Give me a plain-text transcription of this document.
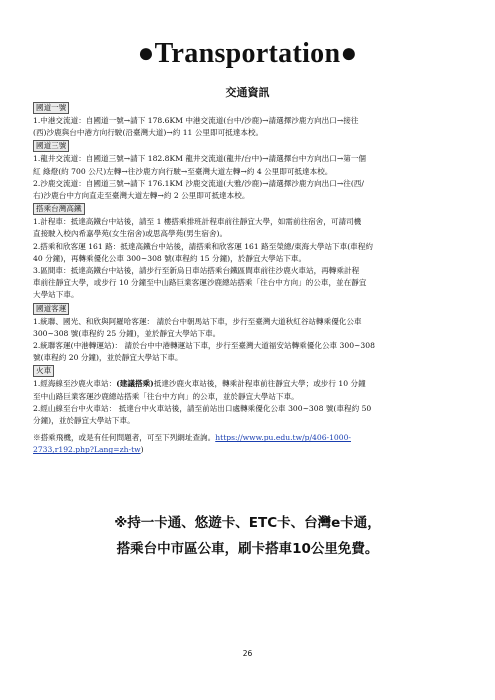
●Transportation●
交通資訊
國道一號
1.中港交流道：自國道一號→請下 178.6KM 中港交流道(台中/沙鹿)→請選擇沙鹿方向出口→接往
(西)沙鹿與台中港方向行駛(沿臺灣大道)→約 11 公里即可抵達本校。
國道三號
1.龍井交流道：自國道三號→請下 182.8KM 龍井交流道(龍井/台中)→請選擇台中方向出口→第一個
紅 綠燈(約 700 公尺)左轉→往沙鹿方向行駛→至臺灣大道左轉→約 4 公里即可抵達本校。
2.沙鹿交流道：自國道三號→請下 176.1KM 沙鹿交流道(大雅/沙鹿)→請選擇沙鹿方向出口→往(西/
右)沙鹿台中方向直走至臺灣大道左轉→約 2 公里即可抵達本校。
搭乘台灣高鐵
1.計程車：抵達高鐵台中站後，請至 1 樓搭乘排班計程車前往靜宜大學，如需前往宿舍，可請司機
直接駛入校內希嘉學苑(女生宿舍)或思高學苑(男生宿舍)。
2.搭乘和欣客運 161 路：抵達高鐵台中站後，請搭乘和欣客運 161 路至榮總/東海大學站下車(車程約
40 分鐘)，再轉乘優化公車 300~308 號(車程約 15 分鐘)，於靜宜大學站下車。
3.區間車：抵達高鐵台中站後，請步行至新烏日車站搭乘台鐵區間車前往沙鹿火車站，再轉乘計程
車前往靜宜大學，或步行 10 分鐘至中山路巨業客運沙鹿總站搭乘「往台中方向」的公車，並在靜宜
大學站下車。
國道客運
1.統聯、國光、和欣與阿羅哈客運： 請於台中朝馬站下車，步行至臺灣大道秋紅谷站轉乘優化公車
300~308 號(車程約 25 分鐘)，並於靜宜大學站下車。
2.統聯客運(中港轉運站)： 請於台中中港轉運站下車，步行至臺灣大道福安站轉乘優化公車 300~308
號(車程約 20 分鐘)，並於靜宜大學站下車。
火車
1.經海線至沙鹿火車站：(建議搭乘)抵達沙鹿火車站後，轉乘計程車前往靜宜大學；或步行 10 分鐘
至中山路巨業客運沙鹿總站搭乘「往台中方向」的公車，並於靜宜大學站下車。
2.經山線至台中火車站： 抵達台中火車站後，請至前站出口處轉乘優化公車 300~308 號(車程約 50
分鐘)，並於靜宜大學站下車。
※搭乘飛機，或是有任何問題者，可至下列網址查詢。https://www.pu.edu.tw/p/406-1000-
2733,r192.php?Lang=zh-tw)
※持一卡通、悠遊卡、ETC卡、台灣e卡通，
搭乘台中市區公車，刷卡搭車10公里免費。
26
